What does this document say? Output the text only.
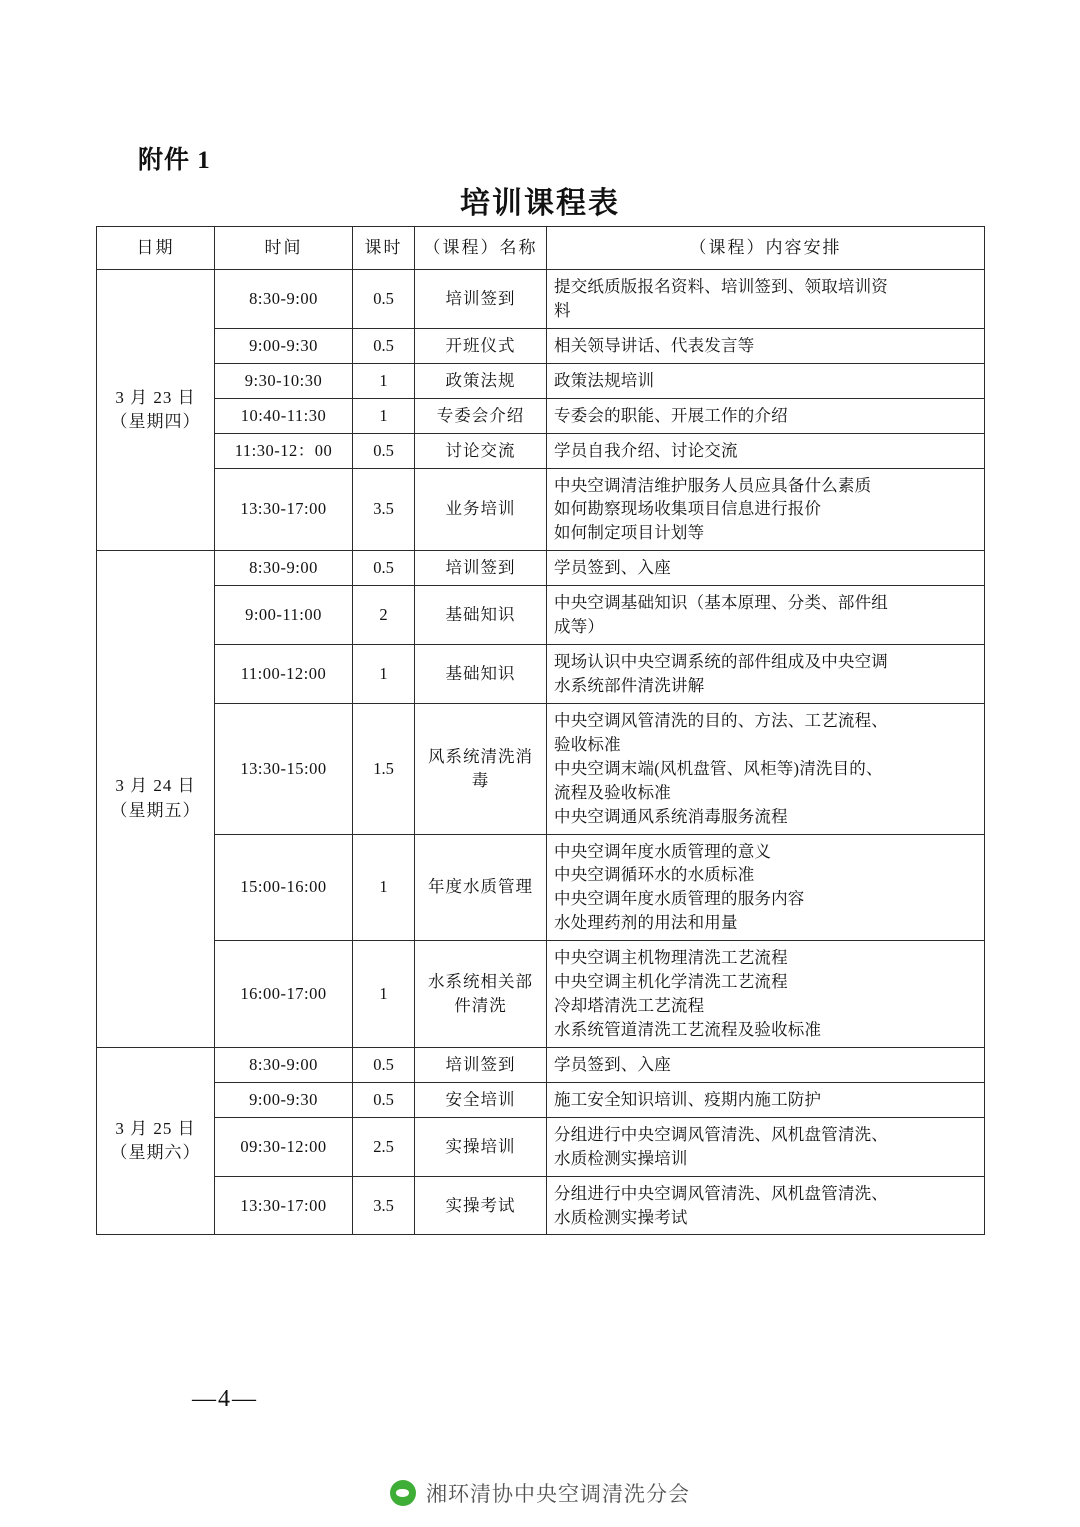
附件 1
培训课程表
日期	时间	课时	（课程）名称	（课程）内容安排

3 月 23 日
（星期四）
	8:30-9:00	0.5	培训签到	
提交纸质版报名资料、培训签到、领取培训资
料

	9:00-9:30	0.5	开班仪式	相关领导讲话、代表发言等

	9:30-10:30	1	政策法规	政策法规培训

	10:40-11:30	1	专委会介绍	专委会的职能、开展工作的介绍

	11:30-12：00	0.5	讨论交流	学员自我介绍、讨论交流

	13:30-17:00	3.5	业务培训	中央空调清洁维护服务人员应具备什么素质
如何勘察现场收集项目信息进行报价
如何制定项目计划等

3 月 24 日
（星期五）	8:30-9:00	0.5	培训签到	学员签到、入座

	9:00-11:00	2	基础知识	中央空调基础知识（基本原理、分类、部件组
成等）

	11:00-12:00	1	基础知识	现场认识中央空调系统的部件组成及中央空调
水系统部件清洗讲解

	13:30-15:00	1.5	风系统清洗消毒	中央空调风管清洗的目的、方法、工艺流程、
验收标准
中央空调末端(风机盘管、风柜等)清洗目的、
流程及验收标准
中央空调通风系统消毒服务流程

	15:00-16:00	1	年度水质管理	中央空调年度水质管理的意义
中央空调循环水的水质标准
中央空调年度水质管理的服务内容
水处理药剂的用法和用量

	16:00-17:00	1	水系统相关部件清洗	中央空调主机物理清洗工艺流程
中央空调主机化学清洗工艺流程
冷却塔清洗工艺流程
水系统管道清洗工艺流程及验收标准

3 月 25 日
（星期六）	8:30-9:00	0.5	培训签到	学员签到、入座

	9:00-9:30	0.5	安全培训	施工安全知识培训、疫期内施工防护

	09:30-12:00	2.5	实操培训	分组进行中央空调风管清洗、风机盘管清洗、
水质检测实操培训

	13:30-17:00	3.5	实操考试	分组进行中央空调风管清洗、风机盘管清洗、
水质检测实操考试
—4—
湘环清协中央空调清洗分会
